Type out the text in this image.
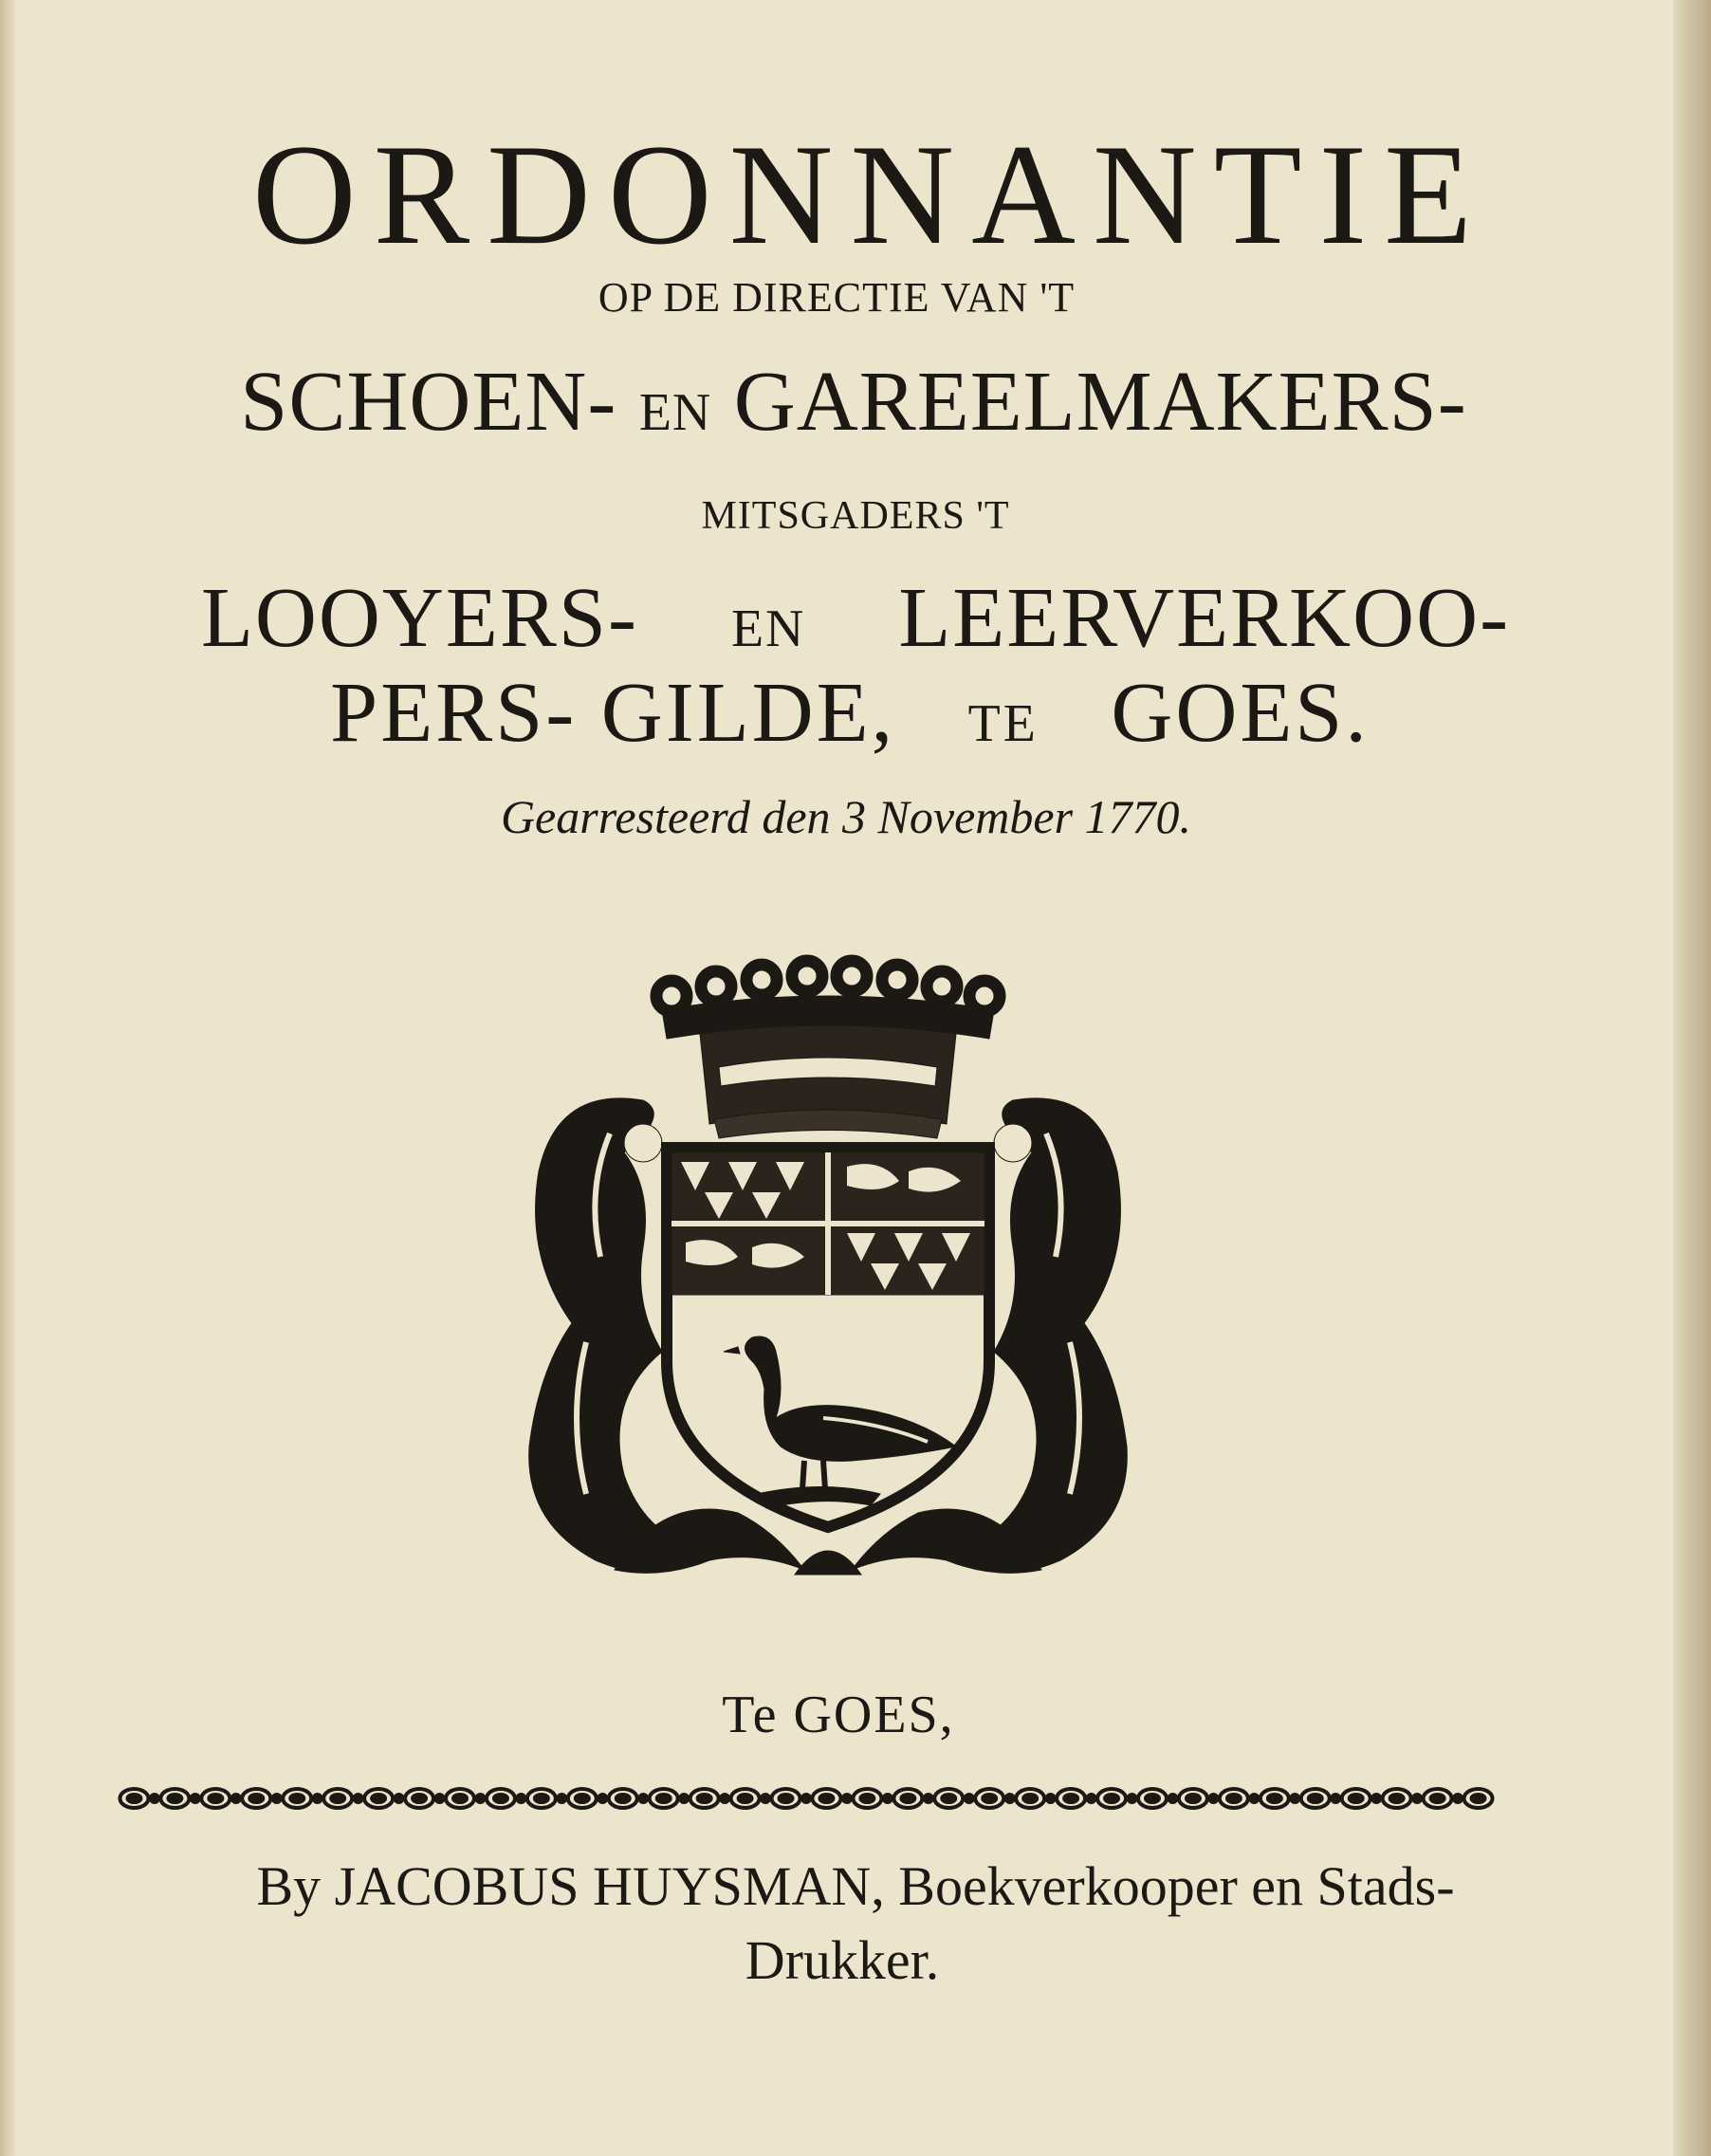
ORDONNANTIE
OP DE DIRECTIE VAN 'T
SCHOEN- EN GAREELMAKERS-
MITSGADERS 'T
LOOYERS- EN LEERVERKOO-
PERS- GILDE, TE GOES.
Gearresteerd den 3 November 1770.
Te GOES,
By JACOBUS HUYSMAN, Boekverkooper en Stads-
Drukker.
